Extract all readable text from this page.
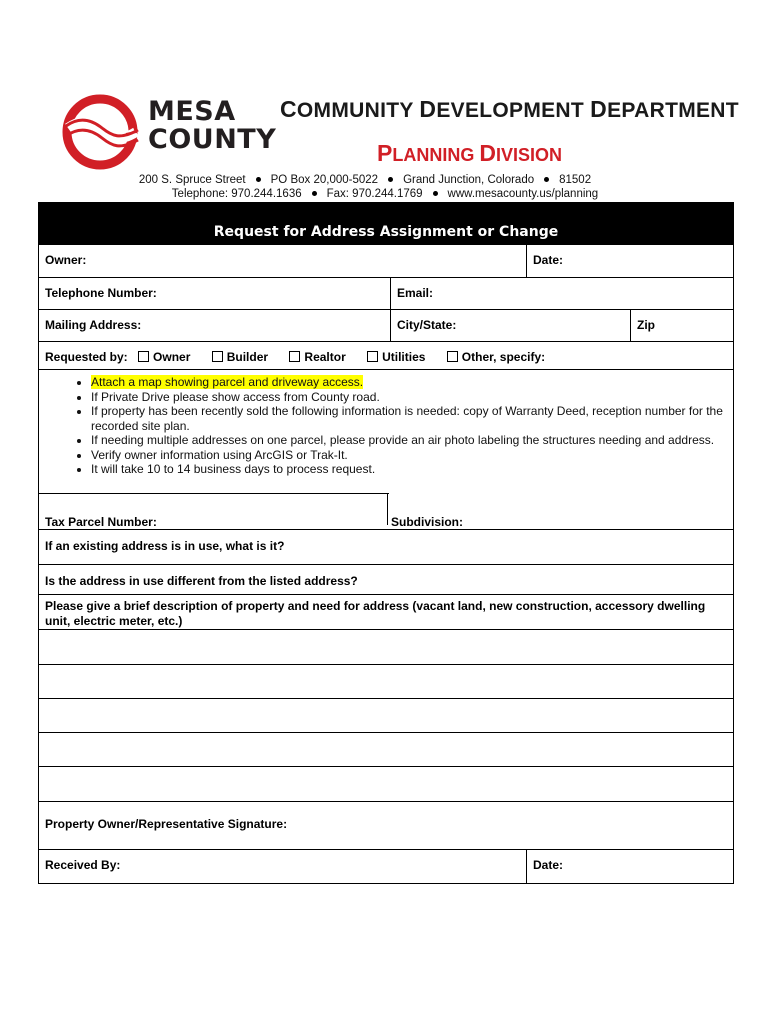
MESA
COUNTY
COMMUNITY DEVELOPMENT DEPARTMENT
PLANNING DIVISION
200 S. Spruce Street PO Box 20,000-5022 Grand Junction, Colorado 81502
Telephone: 970.244.1636 Fax: 970.244.1769 www.mesacounty.us/planning
Request for Address Assignment or Change
Owner:	Date:
Telephone Number:	Email:
Mailing Address:	City/State:	Zip
Requested by: Owner	Builder	Realtor	Utilities	Other, specify:
• Attach a map showing parcel and driveway access.
• If Private Drive please show access from County road.
• If property has been recently sold the following information is needed: copy of Warranty Deed, reception number for the recorded site plan.
• If needing multiple addresses on one parcel, please provide an air photo labeling the structures needing and address.
• Verify owner information using ArcGIS or Trak-It.
• It will take 10 to 14 business days to process request.
Tax Parcel Number:	Subdivision:
If an existing address is in use, what is it?
Is the address in use different from the listed address?
Please give a brief description of property and need for address (vacant land, new construction, accessory dwelling unit, electric meter, etc.)
Property Owner/Representative Signature:
Received By:	Date:
